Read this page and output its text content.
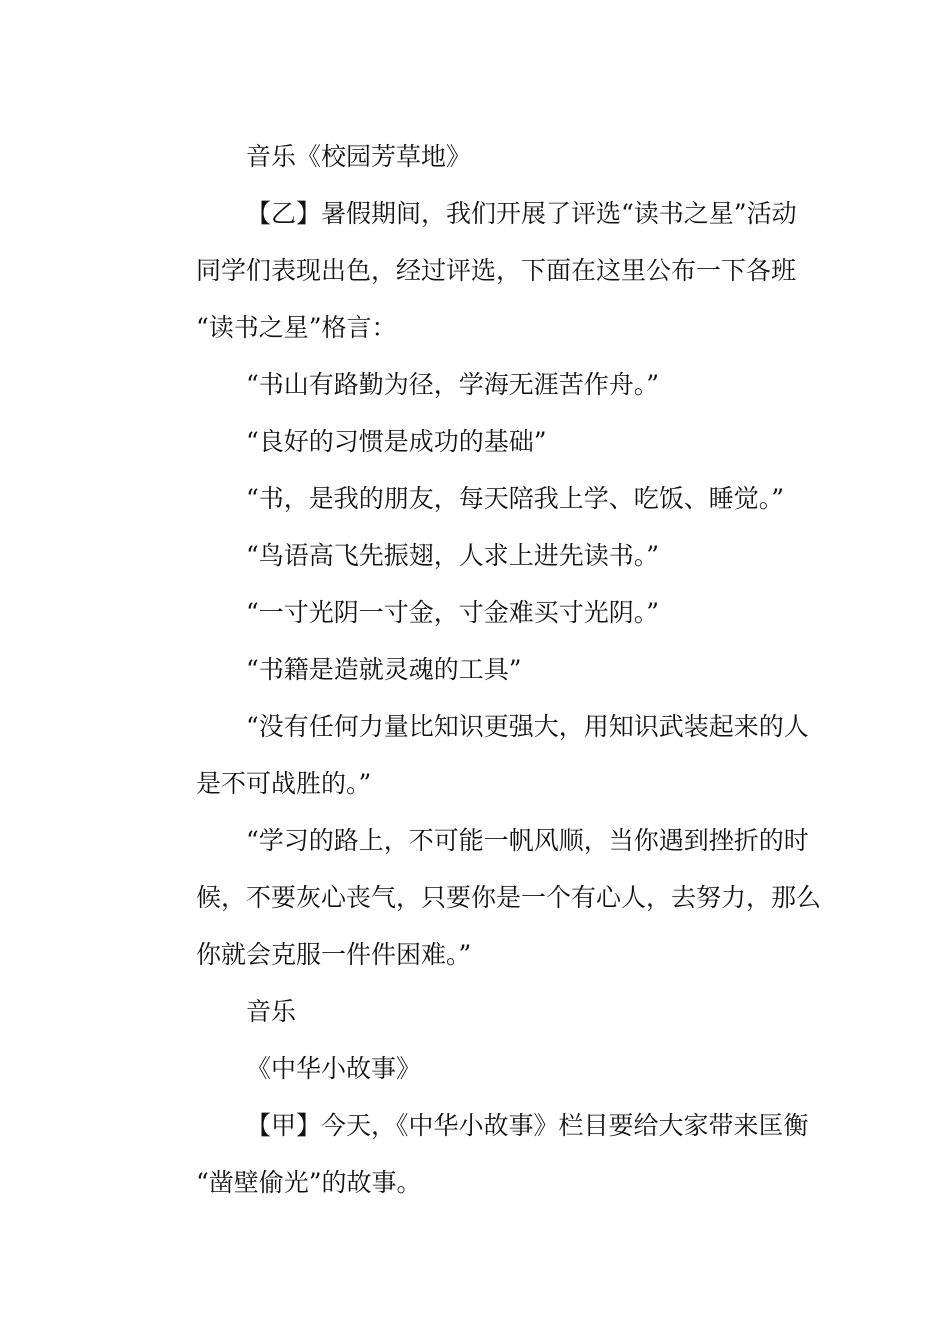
音乐《校园芳草地》
【乙】暑假期间，我们开展了评选“读书之星”活动
同学们表现出色，经过评选，下面在这里公布一下各班
“读书之星”格言：
“书山有路勤为径，学海无涯苦作舟。”
“良好的习惯是成功的基础”
“书，是我的朋友，每天陪我上学、吃饭、睡觉。”
“鸟语高飞先振翅，人求上进先读书。”
“一寸光阴一寸金，寸金难买寸光阴。”
“书籍是造就灵魂的工具”
“没有任何力量比知识更强大，用知识武装起来的人
是不可战胜的。”
“学习的路上，不可能一帆风顺，当你遇到挫折的时
候，不要灰心丧气，只要你是一个有心人，去努力，那么
你就会克服一件件困难。”
音乐
《中华小故事》
【甲】今天，《中华小故事》栏目要给大家带来匡衡
“凿壁偷光”的故事。
